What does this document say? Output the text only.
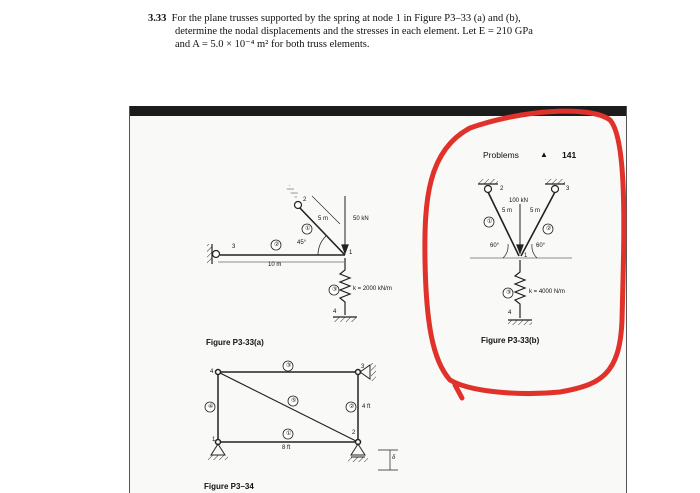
3.33 For the plane trusses supported by the spring at node 1 in Figure P3–33 (a) and (b),
determine the nodal displacements and the stresses in each element. Let E = 210 GPa
and A = 5.0 × 10⁻⁴ m² for both truss elements.
Problems	▲ 141
3	②
10 m
2
①
5 m
45°
50 kN
1
③	k = 2000 kN/m
4
Figure P3-33(a)
100 kN
2	3
5 m	5 m
①
②
60°	60°
1
③	k = 4000 N/m
4
Figure P3-33(b)
4
③	3
⑤
④	② 4 ft
①
1
2
8 ft
δ
Figure P3–34
